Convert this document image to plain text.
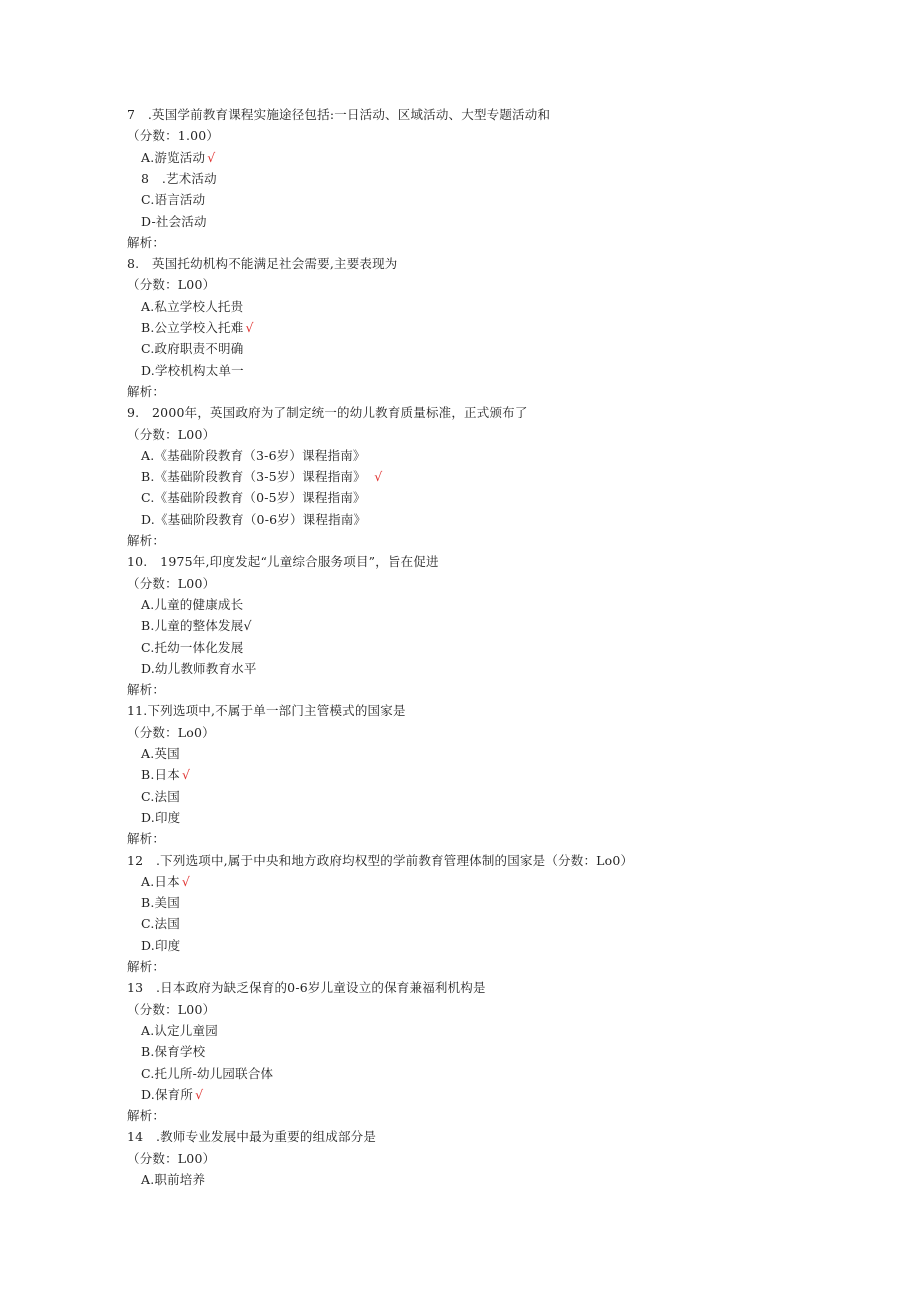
7　.英国学前教育课程实施途径包括:一日活动、区域活动、大型专题活动和
（分数：1.00）
A.游览活动 √
8　.艺术活动
C.语言活动
D-社会活动
解析：
8.　英国托幼机构不能满足社会需要,主要表现为
（分数：L00）
A.私立学校人托贵
B.公立学校入托难 √
C.政府职责不明确
D.学校机构太单一
解析：
9.　2000年，英国政府为了制定统一的幼儿教育质量标准，正式颁布了
（分数：L00）
A.《基础阶段教育（3-6岁）课程指南》
B.《基础阶段教育（3-5岁）课程指南》　√
C.《基础阶段教育（0-5岁）课程指南》
D.《基础阶段教育（0-6岁）课程指南》
解析：
10.　1975年,印度发起“儿童综合服务项目”，旨在促进
（分数：L00）
A.儿童的健康成长
B.儿童的整体发展√
C.托幼一体化发展
D.幼儿教师教育水平
解析：
11.下列选项中,不属于单一部门主管模式的国家是
（分数：Lo0）
A.英国
B.日本 √
C.法国
D.印度
解析：
12　.下列选项中,属于中央和地方政府均权型的学前教育管理体制的国家是（分数：Lo0）
A.日本 √
B.美国
C.法国
D.印度
解析：
13　.日本政府为缺乏保育的0-6岁儿童设立的保育兼福利机构是
（分数：L00）
A.认定儿童园
B.保育学校
C.托儿所-幼儿园联合体
D.保育所 √
解析：
14　.教师专业发展中最为重要的组成部分是
（分数：L00）
A.职前培养
